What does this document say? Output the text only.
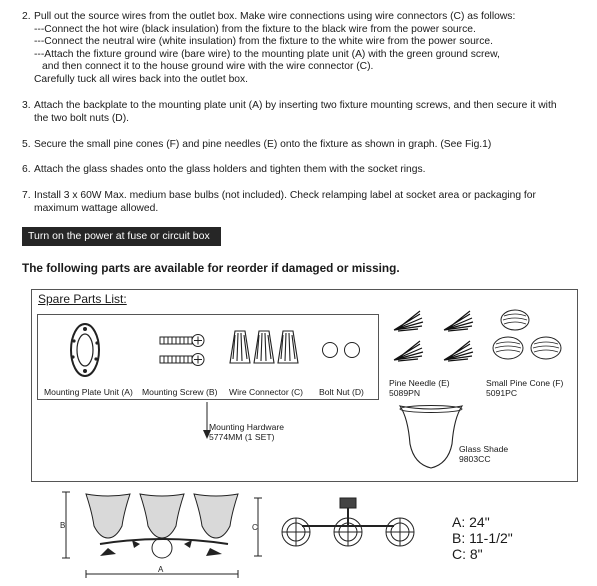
2. Pull out the source wires from the outlet box. Make wire connections using wire connectors (C) as follows:
---Connect the hot wire (black insulation) from the fixture to the black wire from the power source.
---Connect the neutral wire (white insulation) from the fixture to the white wire from the power source.
---Attach the fixture ground wire (bare wire) to the mounting plate unit (A) with the green ground screw,
and then connect it to the house ground wire with the wire connector (C).
Carefully tuck all wires back into the outlet box.
3. Attach the backplate to the mounting plate unit (A) by inserting two fixture mounting screws, and then secure it with
the two bolt nuts (D).
5. Secure the small pine cones (F) and pine needles (E) onto the fixture as shown in graph. (See Fig.1)
6. Attach the glass shades onto the glass holders and tighten them with the socket rings.
7. Install 3 x 60W Max. medium base bulbs (not included). Check relamping label at socket area or packaging for
maximum wattage allowed.
Turn on the power at fuse or circuit box
The following parts are available for reorder if damaged or missing.
Spare Parts List:
Mounting Plate Unit (A) Mounting Screw (B) Wire Connector (C) Bolt Nut (D)
Mounting Hardware
5774MM (1 SET)
Pine Needle (E)
5089PN
Small Pine Cone (F)
5091PC
Glass Shade
9803CC
B
A
C	A: 24"
B: 11-1/2"
C: 8"
